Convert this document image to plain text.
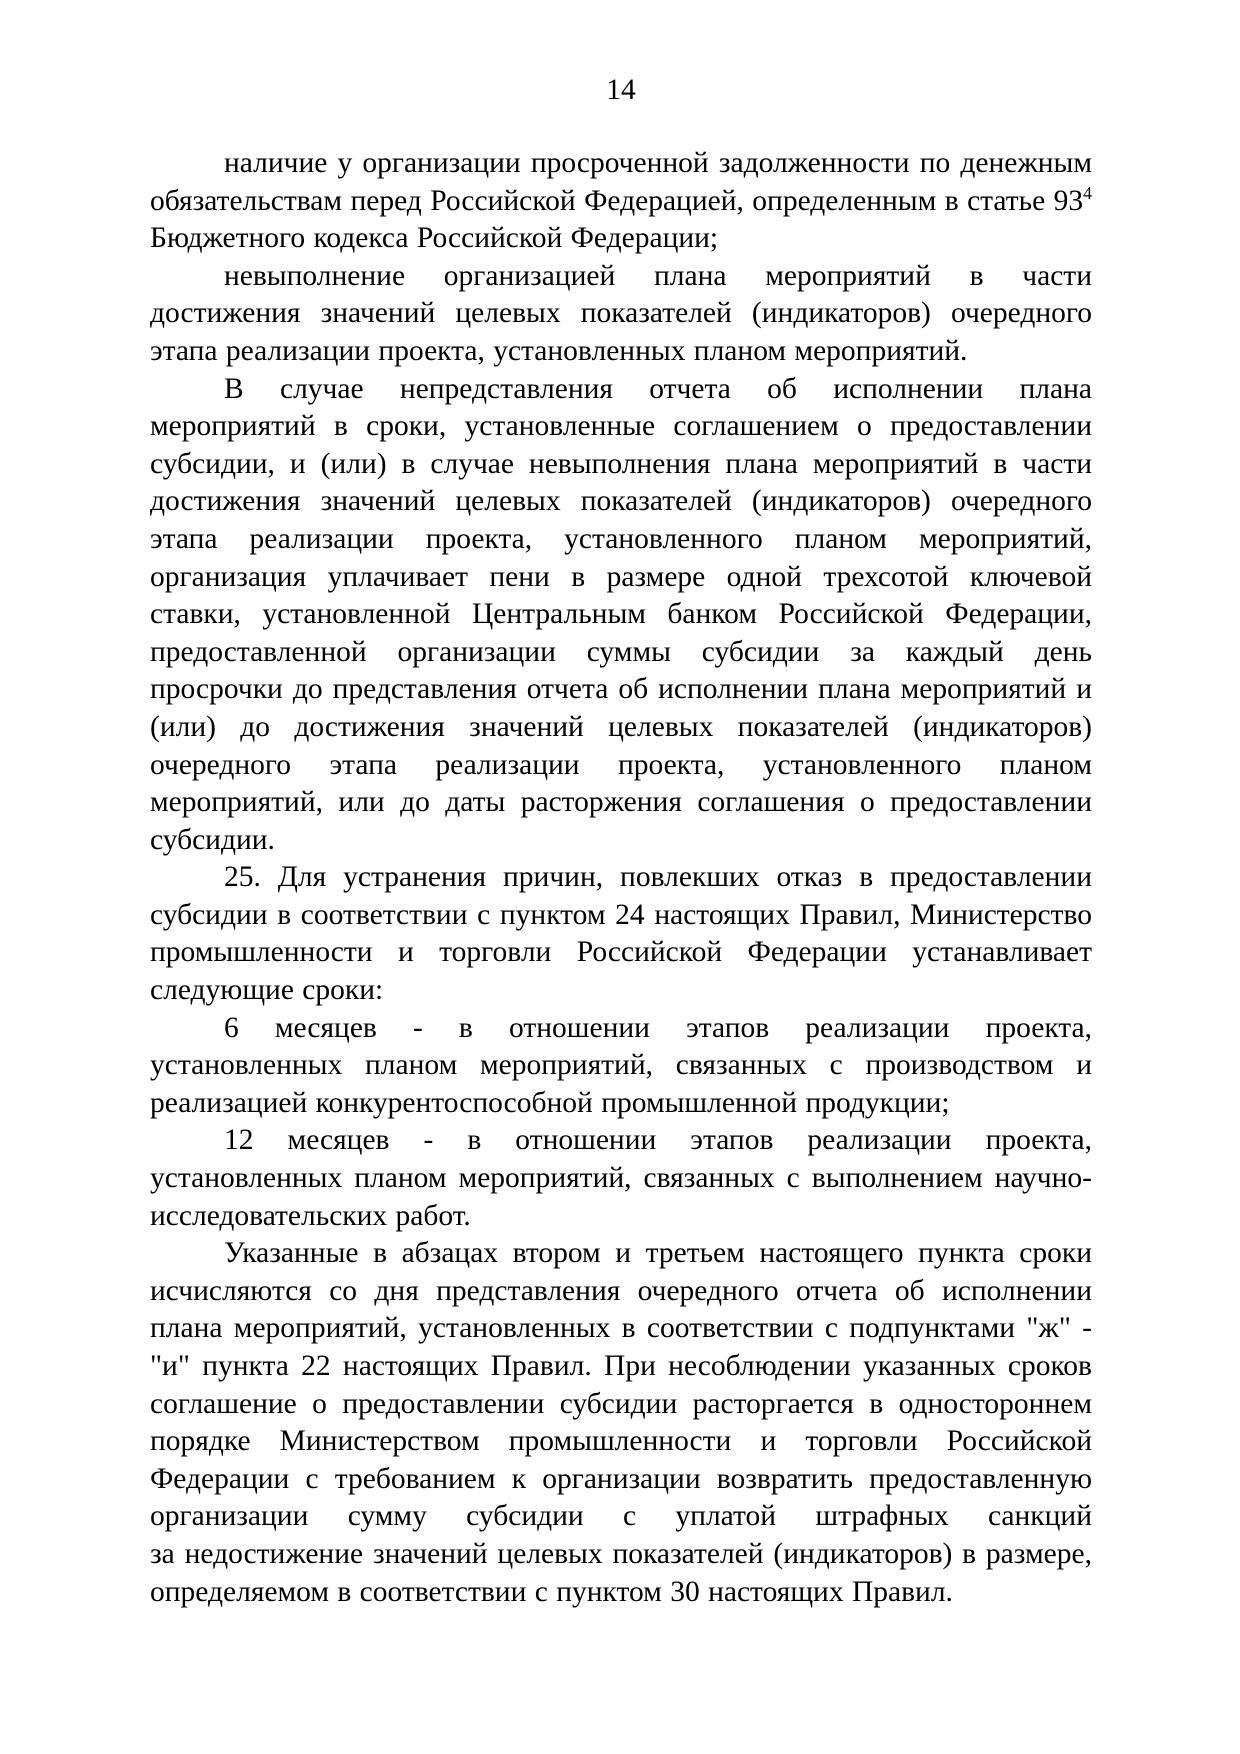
14

наличие у организации просроченной задолженности по денежным обязательствам перед Российской Федерацией, определенным в статье $93^4$ Бюджетного кодекса Российской Федерации;

невыполнение организацией плана мероприятий в части достижения значений целевых показателей (индикаторов) очередного этапа реализации проекта, установленных планом мероприятий.

В случае непредставления отчета об исполнении плана мероприятий в сроки, установленные соглашением о предоставлении субсидии, и (или) в случае невыполнения плана мероприятий в части достижения значений целевых показателей (индикаторов) очередного этапа реализации проекта, установленного планом мероприятий, организация уплачивает пени в размере одной трехсотой ключевой ставки, установленной Центральным банком Российской Федерации, предоставленной организации суммы субсидии за каждый день просрочки до представления отчета об исполнении плана мероприятий и (или) до достижения значений целевых показателей (индикаторов) очередного этапа реализации проекта, установленного планом мероприятий, или до даты расторжения соглашения о предоставлении субсидии.

25. Для устранения причин, повлекших отказ в предоставлении субсидии в соответствии с пунктом 24 настоящих Правил, Министерство промышленности и торговли Российской Федерации устанавливает следующие сроки:

6 месяцев - в отношении этапов реализации проекта, установленных планом мероприятий, связанных с производством и реализацией конкурентоспособной промышленной продукции;

12 месяцев - в отношении этапов реализации проекта, установленных планом мероприятий, связанных с выполнением научно-исследовательских работ.

Указанные в абзацах втором и третьем настоящего пункта сроки исчисляются со дня представления очередного отчета об исполнении плана мероприятий, установленных в соответствии с подпунктами "ж" - "и" пункта 22 настоящих Правил. При несоблюдении указанных сроков соглашение о предоставлении субсидии расторгается в одностороннем порядке Министерством промышленности и торговли Российской Федерации с требованием к организации возвратить предоставленную организации сумму субсидии с уплатой штрафных санкций за недостижение значений целевых показателей (индикаторов) в размере, определяемом в соответствии с пунктом 30 настоящих Правил.
